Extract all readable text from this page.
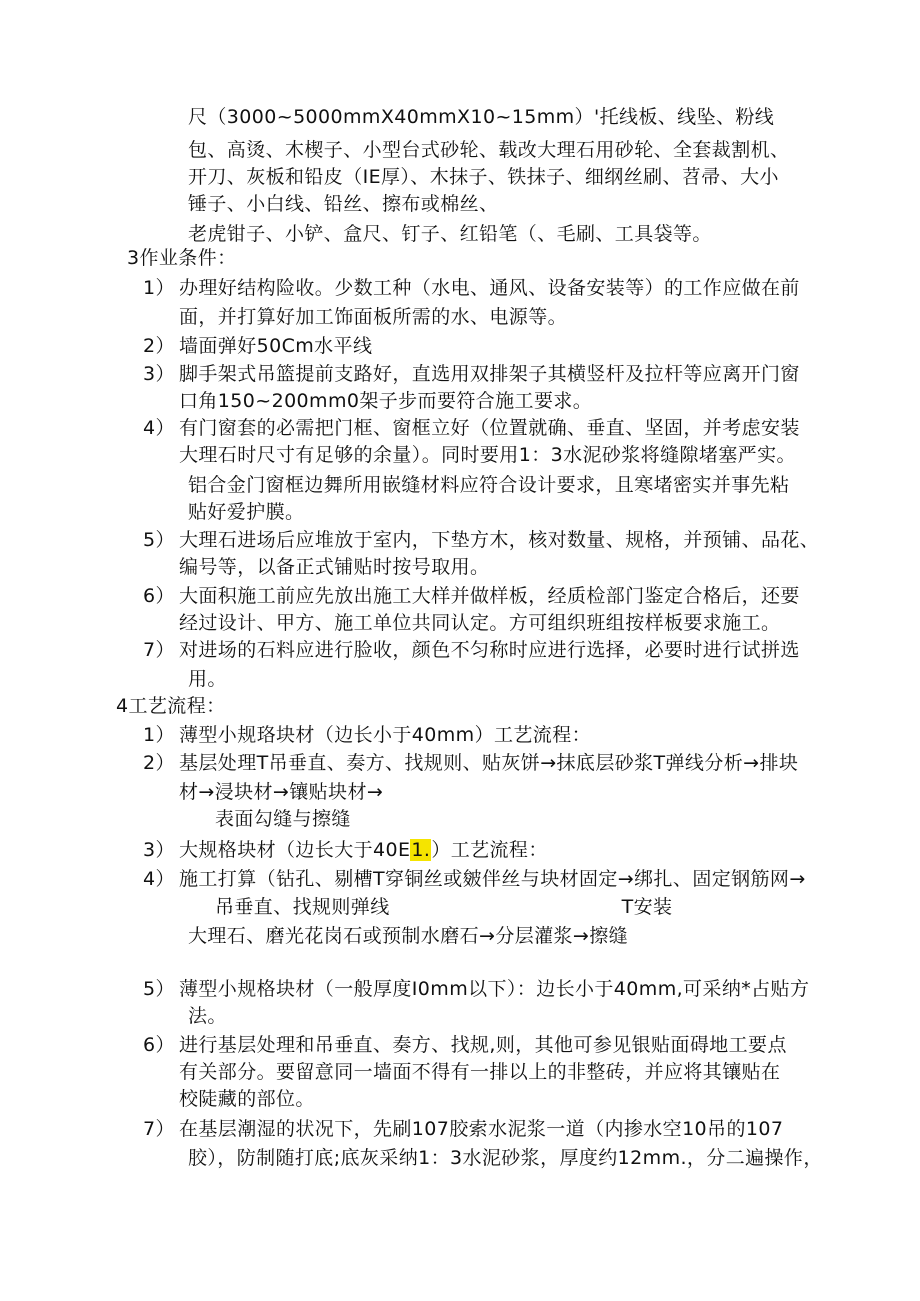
尺（3000~5000mmX40mmX10~15mm）'托线板、线坠、粉线
包、高烫、木楔子、小型台式砂轮、载改大理石用砂轮、全套裁割机、
开刀、灰板和铅皮（IE厚）、木抹子、铁抹子、细纲丝刷、苕帚、大小
锤子、小白线、铅丝、擦布或棉丝、
老虎钳子、小铲、盒尺、钉子、红铅笔（、毛刷、工具袋等。
3作业条件：
1） 办理好结构险收。少数工种（水电、通风、设备安装等）的工作应做在前
面，并打算好加工饰面板所需的水、电源等。
2） 墙面弹好50Cm水平线
3） 脚手架式吊篮提前支路好，直选用双排架子其横竖杆及拉杆等应离开门窗
口角150~200mm0架子步而要符合施工要求。
4） 有门窗套的必需把门框、窗框立好（位置就确、垂直、坚固，并考虑安装
大理石时尺寸有足够的余量）。同时要用1：3水泥砂浆将缝隙堵塞严实。
铝合金门窗框边舞所用嵌缝材料应符合设计要求，且寒堵密实并事先粘
贴好爱护膜。
5） 大理石进场后应堆放于室内，下垫方木，核对数量、规格，并预铺、品花、
编号等，以备正式铺贴时按号取用。
6） 大面积施工前应先放出施工大样并做样板，经质检部门鉴定合格后，还要
经过设计、甲方、施工单位共同认定。方可组织班组按样板要求施工。
7） 对进场的石料应进行脸收，颜色不匀称时应进行选择，必要时进行试拼选
用。
4工艺流程：
1） 薄型小规珞块材（边长小于40mm）工艺流程：
2） 基层处理T吊垂直、奏方、找规则、贴灰饼→抹底层砂浆T弹线分析→排块
材→浸块材→镶贴块材→
表面勾缝与擦缝
3） 大规格块材（边长大于40E1.）工艺流程：
4） 施工打算（钻孔、剔槽T穿铜丝或皴伴丝与块材固定→绑扎、固定钢筋网→
吊垂直、找规则弹线	T安装
大理石、磨光花岗石或预制水磨石→分层灌浆→擦缝
5） 薄型小规格块材（一般厚度I0mm以下）：边长小于40mm,可采纳*占贴方
法。
6） 进行基层处理和吊垂直、奏方、找规,则，其他可参见银贴面碍地工要点
有关部分。要留意同一墙面不得有一排以上的非整砖，并应将其镶贴在
校陡藏的部位。
7） 在基层潮湿的状况下，先刷107胶索水泥浆一道（内掺水空10吊的107
胶），防制随打底;底灰采纳1：3水泥砂浆，厚度约12mm.，分二遍操作，
